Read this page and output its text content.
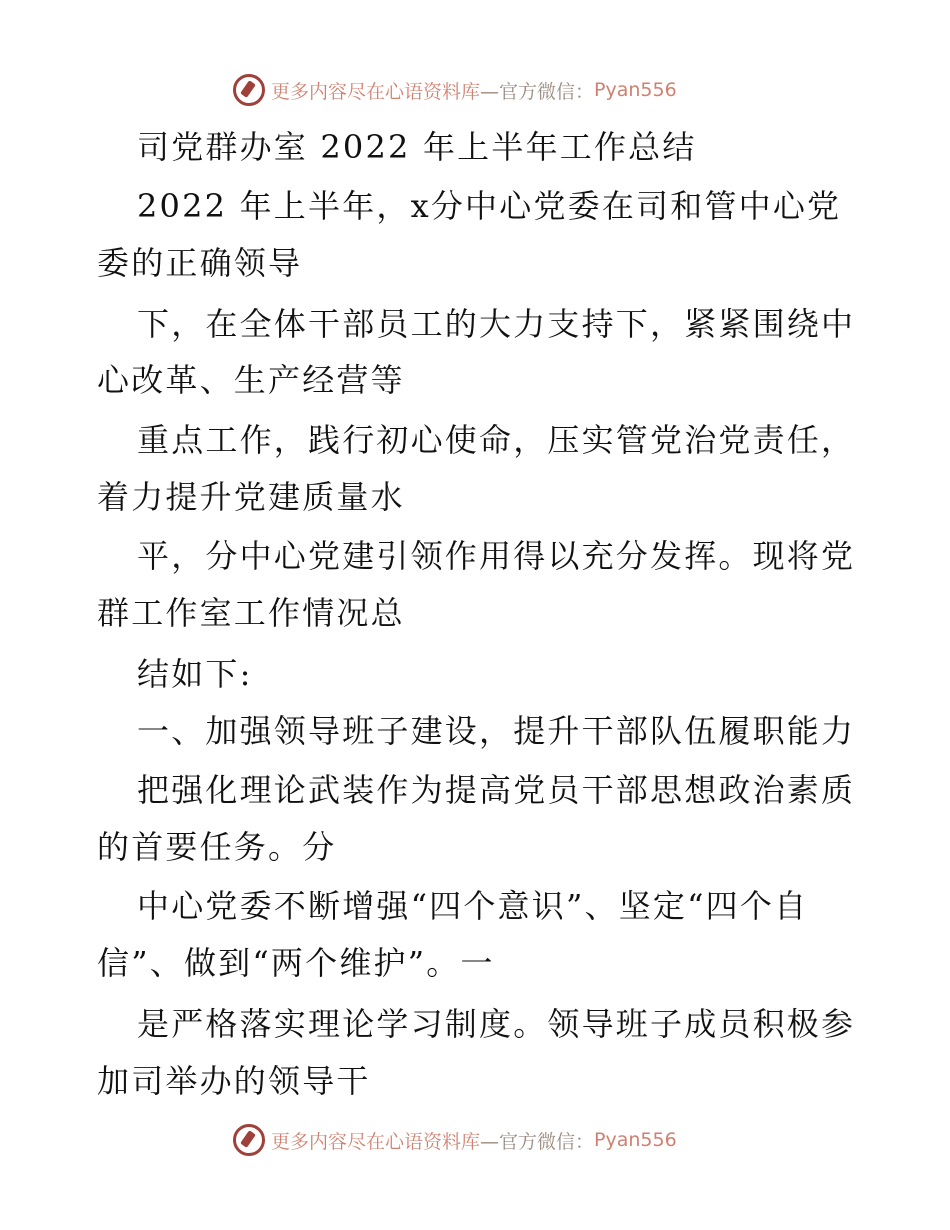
更多内容尽在心语资料库 —官方微信： Pyan556
司党群办室 2022 年上半年工作总结
2022 年上半年，x分中心党委在司和管中心党
委的正确领导
下，在全体干部员工的大力支持下，紧紧围绕中
心改革、生产经营等
重点工作，践行初心使命，压实管党治党责任，
着力提升党建质量水
平，分中心党建引领作用得以充分发挥。现将党
群工作室工作情况总
结如下:
一、加强领导班子建设，提升干部队伍履职能力
把强化理论武装作为提高党员干部思想政治素质
的首要任务。分
中心党委不断增强“四个意识”、坚定“四个自
信”、做到“两个维护”。一
是严格落实理论学习制度。领导班子成员积极参
加司举办的领导干
更多内容尽在心语资料库 —官方微信： Pyan556
